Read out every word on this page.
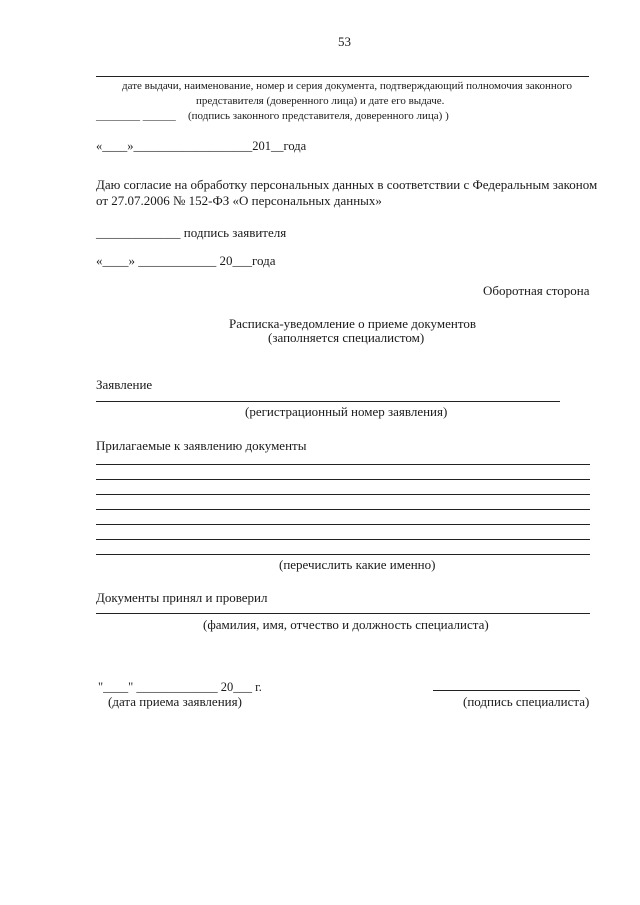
53
дате выдачи, наименование, номер и серия документа, подтверждающий полномочия законного
представителя (доверенного лица) и дате его выдаче.
________ ______ (подпись законного представителя, доверенного лица) )
«____»___________________201__года
Даю согласие на обработку персональных данных в соответствии с Федеральным законом
от 27.07.2006 № 152-ФЗ «О персональных данных»
_____________ подпись заявителя
«____» ____________ 20___года
Оборотная сторона
Расписка-уведомление о приеме документов
(заполняется специалистом)
Заявление
(регистрационный номер заявления)
Прилагаемые к заявлению документы
(перечислить какие именно)
Документы принял и проверил
(фамилия, имя, отчество и должность специалиста)
"____" _____________ 20___ г.
(дата приема заявления)	(подпись специалиста)
